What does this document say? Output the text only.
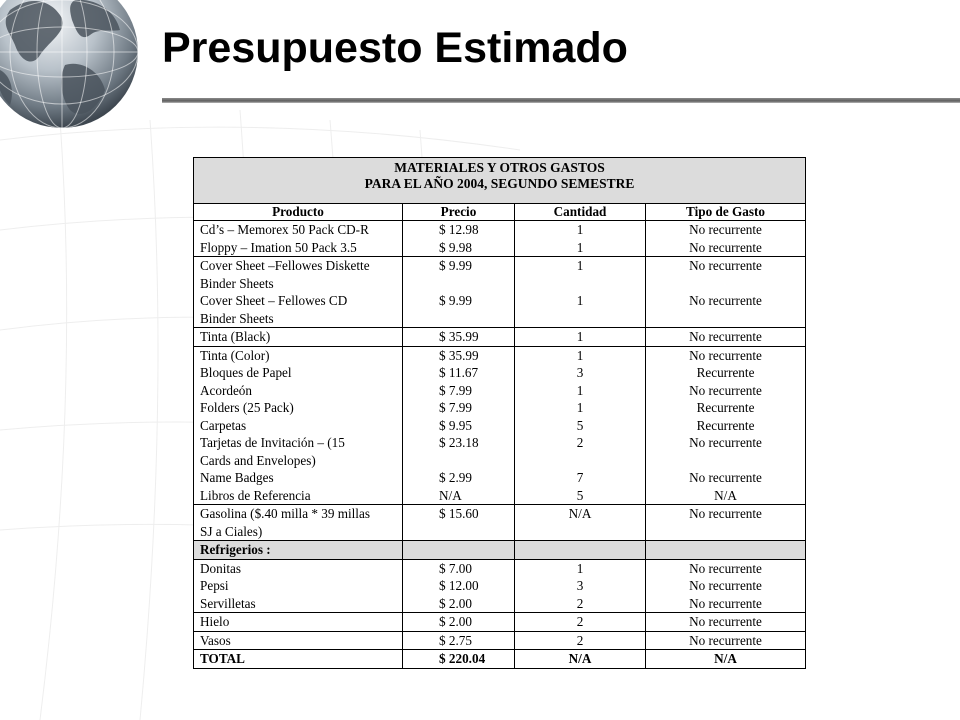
Presupuesto Estimado
MATERIALES Y OTROS GASTOS
PARA EL AÑO 2004, SEGUNDO SEMESTRE			

Producto	Precio	Cantidad	Tipo de Gasto
Cd’s – Memorex 50 Pack CD-R	$ 12.98	1	No recurrente
Floppy – Imation 50 Pack 3.5	$ 9.98	1	No recurrente
Cover Sheet –Fellowes Diskette	$ 9.99	1	No recurrente
Binder Sheets			
Cover Sheet – Fellowes CD	$ 9.99	1	No recurrente
Binder Sheets			
Tinta (Black)	$ 35.99	1	No recurrente
Tinta (Color)	$ 35.99	1	No recurrente
Bloques de Papel	$ 11.67	3	Recurrente
Acordeón	$ 7.99	1	No recurrente
Folders (25 Pack)	$ 7.99	1	Recurrente
Carpetas	$ 9.95	5	Recurrente
Tarjetas de Invitación – (15	$ 23.18	2	No recurrente
Cards and Envelopes)			
Name Badges	$ 2.99	7	No recurrente
Libros de Referencia	N/A	5	N/A
Gasolina ($.40 milla * 39 millas	$ 15.60	N/A	No recurrente
SJ a Ciales)			
Refrigerios :			
Donitas	$ 7.00	1	No recurrente
Pepsi	$ 12.00	3	No recurrente
Servilletas	$ 2.00	2	No recurrente
Hielo	$ 2.00	2	No recurrente
Vasos	$ 2.75	2	No recurrente
TOTAL	$ 220.04	N/A	N/A
